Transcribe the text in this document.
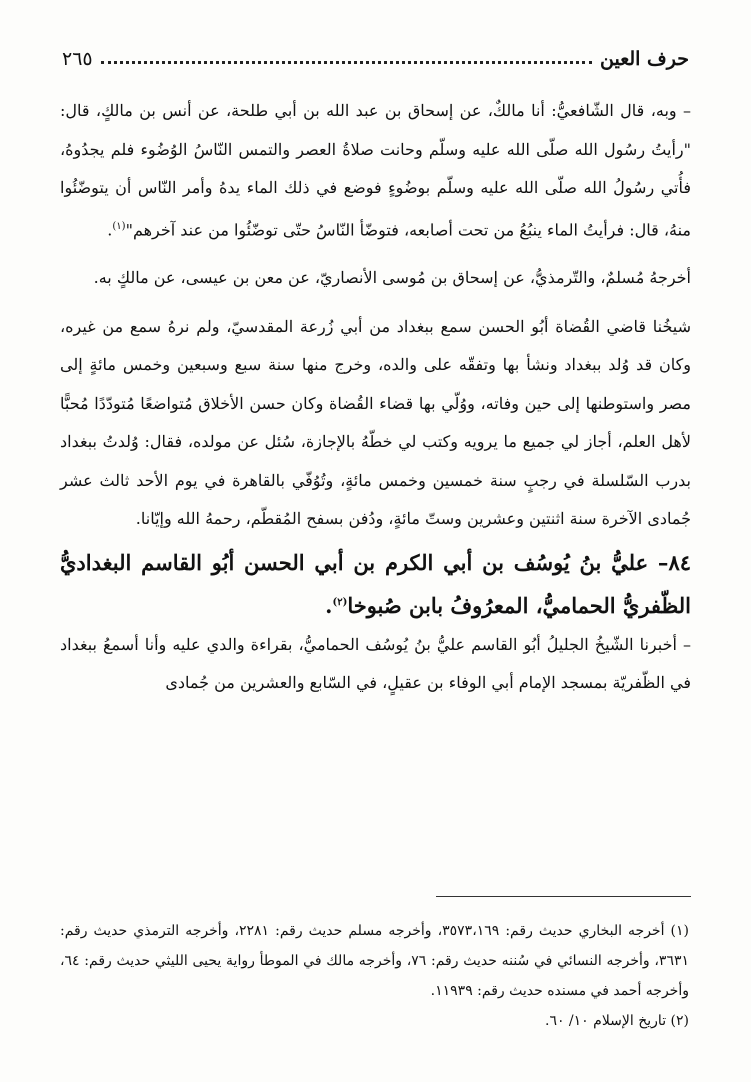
حرف العين
٢٦٥

– وبه، قال الشّافعيُّ: أنا مالكٌ، عن إسحاق بن عبد الله بن أبي طلحة، عن أنس بن مالكٍ، قال: "رأيتُ رسُول الله صلّى الله عليه وسلّم وحانت صلاةُ العصر والتمس النّاسُ الوُضُوء فلم يجدُوهُ، فأُتي رسُولُ الله صلّى الله عليه وسلّم بوضُوءٍ فوضع في ذلك الماء يدهُ وأمر النّاس أن يتوضّئُوا منهُ، قال: فرأيتُ الماء ينبُعُ من تحت أصابعه، فتوضّأ النّاسُ حتّى توضّئُوا من عند آخرهم"$^{(١)}$.

أخرجهُ مُسلمٌ، والتّرمذيُّ، عن إسحاق بن مُوسى الأنصاريّ، عن معن بن عيسى، عن مالكٍ به.

شيخُنا قاضي القُضاة أبُو الحسن سمع ببغداد من أبي زُرعة المقدسيّ، ولم نرهُ سمع من غيره، وكان قد وُلد ببغداد ونشأ بها وتفقّه على والده، وخرج منها سنة سبع وسبعين وخمس مائةٍ إلى مصر واستوطنها إلى حين وفاته، ووُلّي بها قضاء القُضاة وكان حسن الأخلاق مُتواضعًا مُتودّدًا مُحبًّا لأهل العلم، أجاز لي جميع ما يرويه وكتب لي خطّهُ بالإجازة، سُئل عن مولده، فقال: وُلدتُ ببغداد بدرب السّلسلة في رجبٍ سنة خمسين وخمس مائةٍ، وتُوُفّي بالقاهرة في يوم الأحد ثالث عشر جُمادى الآخرة سنة اثنتين وعشرين وستّ مائةٍ، ودُفن بسفح المُقطّم، رحمهُ الله وإيّانا.

٨٤– عليُّ بنُ يُوسُف بن أبي الكرم بن أبي الحسن أبُو القاسم البغداديُّ الظّفريُّ الحماميُّ، المعرُوفُ بابن صُبوخا$^{(٢)}$.

– أخبرنا الشّيخُ الجليلُ أبُو القاسم عليُّ بنُ يُوسُف الحماميُّ، بقراءة والدي عليه وأنا أسمعُ ببغداد في الظّفريّة بمسجد الإمام أبي الوفاء بن عقيلٍ، في السّابع والعشرين من جُمادى

(١) أخرجه البخاري حديث رقم: ٣٥٧٣،١٦٩، وأخرجه مسلم حديث رقم: ٢٢٨١، وأخرجه الترمذي حديث رقم: ٣٦٣١، وأخرجه النسائي في سُننه حديث رقم: ٧٦، وأخرجه مالك في الموطأ رواية يحيى الليثي حديث رقم: ٦٤، وأخرجه أحمد في مسنده حديث رقم: ١١٩٣٩.

(٢) تاريخ الإسلام ١٠/ ٦٠.
